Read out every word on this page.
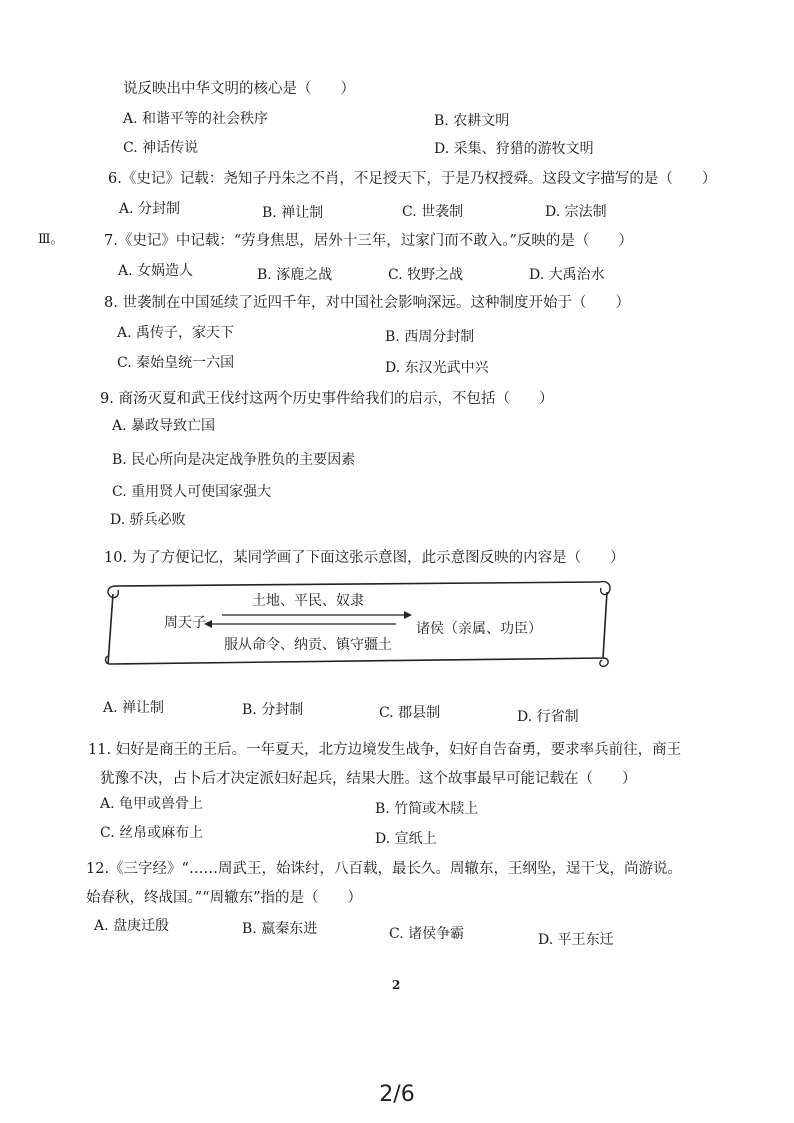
说反映出中华文明的核心是（　　）
A. 和谐平等的社会秩序	B. 农耕文明
C. 神话传说	D. 采集、狩猎的游牧文明
6.《史记》记载：尧知子丹朱之不肖，不足授天下，于是乃权授舜。这段文字描写的是（　　）
A. 分封制	B. 禅让制	C. 世袭制	D. 宗法制
Ⅲ。	7.《史记》中记载：“劳身焦思，居外十三年，过家门而不敢入。”反映的是（　　）
A. 女娲造人	B. 涿鹿之战	C. 牧野之战	D. 大禹治水
8. 世袭制在中国延续了近四千年，对中国社会影响深远。这种制度开始于（　　）
A. 禹传子，家天下	B. 西周分封制
C. 秦始皇统一六国	D. 东汉光武中兴
9. 商汤灭夏和武王伐纣这两个历史事件给我们的启示，不包括（　　）
A. 暴政导致亡国
B. 民心所向是决定战争胜负的主要因素
C. 重用贤人可使国家强大
D. 骄兵必败
10. 为了方便记忆，某同学画了下面这张示意图，此示意图反映的内容是（　　）
周天子
土地、平民、奴隶
诸侯（亲属、功臣）
服从命令、纳贡、镇守疆土
A. 禅让制	B. 分封制	C. 郡县制	D. 行省制
11. 妇好是商王的王后。一年夏天，北方边境发生战争，妇好自告奋勇，要求率兵前往，商王
犹豫不决，占卜后才决定派妇好起兵，结果大胜。这个故事最早可能记载在（　　）
A. 龟甲或兽骨上	B. 竹简或木牍上
C. 丝帛或麻布上	D. 宣纸上
12.《三字经》“……周武王，始诛纣，八百载，最长久。周辙东，王纲坠，逞干戈，尚游说。
始春秋，终战国。”“周辙东”指的是（　　）
A. 盘庚迁殷	B. 嬴秦东进	C. 诸侯争霸	D. 平王东迁
2
2/6
